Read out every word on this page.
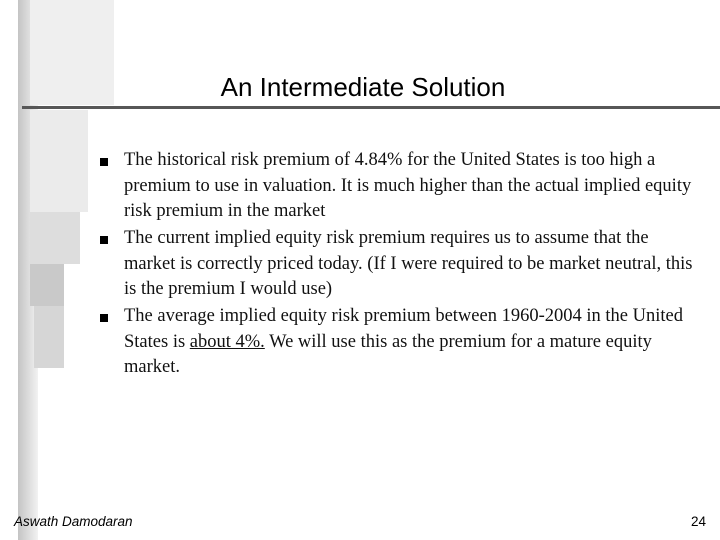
An Intermediate Solution
The historical risk premium of 4.84% for the United States is too high a premium to use in valuation. It is much higher than the actual implied equity risk premium in the market
The current implied equity risk premium requires us to assume that the market is correctly priced today. (If I were required to be market neutral, this is the premium I would use)
The average implied equity risk premium between 1960-2004 in the United States is about 4%. We will use this as the premium for a mature equity market.
Aswath Damodaran	24
